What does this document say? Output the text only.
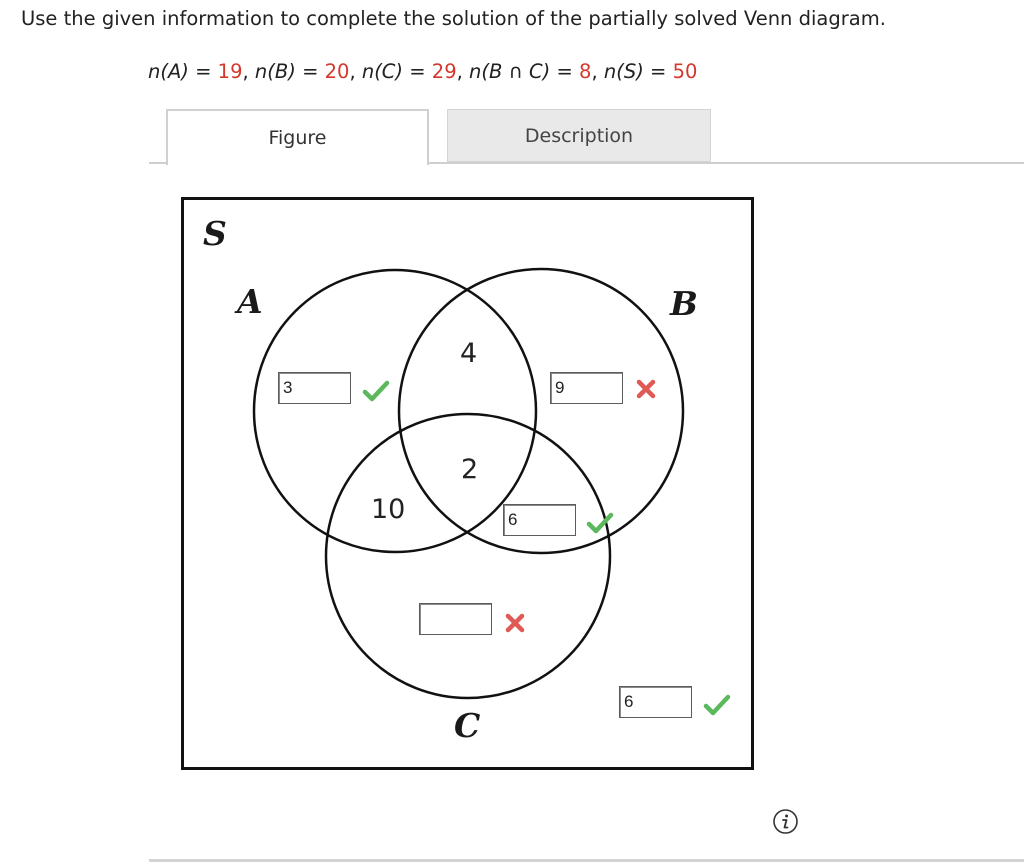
Use the given information to complete the solution of the partially solved Venn diagram.
n(A) = 19, n(B) = 20, n(C) = 29, n(B ∩ C) = 8, n(S) = 50
Figure	Description
S
A	B
C
4
2
10
3
9
6
6
